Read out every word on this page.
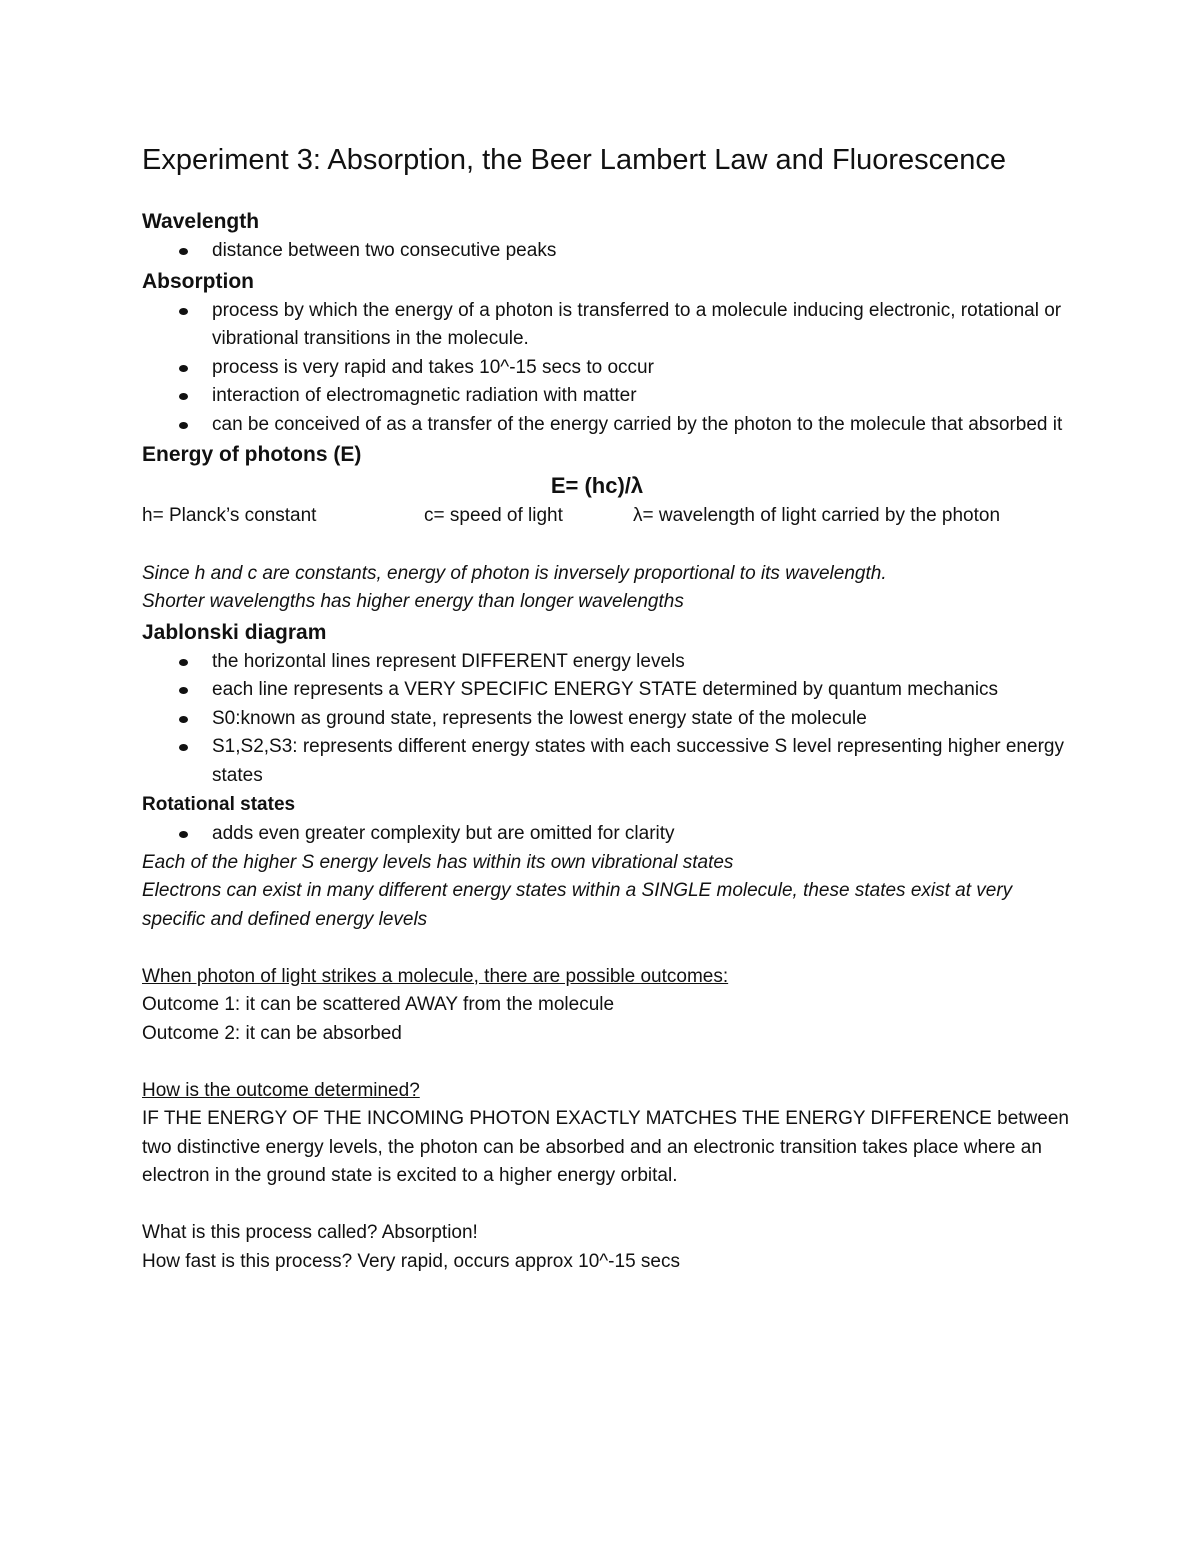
Experiment 3: Absorption, the Beer Lambert Law and Fluorescence

Wavelength

distance between two consecutive peaks

Absorption

process by which the energy of a photon is transferred to a molecule inducing electronic, rotational or vibrational transitions in the molecule.
process is very rapid and takes 10^-15 secs to occur
interaction of electromagnetic radiation with matter
can be conceived of as a transfer of the energy carried by the photon to the molecule that absorbed it

Energy of photons (E)

E= (hc)/λ

h= Planck’s constant	c= speed of light	λ= wavelength of light carried by the photon

Since h and c are constants, energy of photon is inversely proportional to its wavelength.

Shorter wavelengths has higher energy than longer wavelengths

Jablonski diagram

the horizontal lines represent DIFFERENT energy levels
each line represents a VERY SPECIFIC ENERGY STATE determined by quantum mechanics
S0:known as ground state, represents the lowest energy state of the molecule
S1,S2,S3: represents different energy states with each successive S level representing higher energy states

Rotational states

adds even greater complexity but are omitted for clarity

Each of the higher S energy levels has within its own vibrational states

Electrons can exist in many different energy states within a SINGLE molecule, these states exist at very specific and defined energy levels

When photon of light strikes a molecule, there are possible outcomes:

Outcome 1: it can be scattered AWAY from the molecule

Outcome 2: it can be absorbed

How is the outcome determined?

IF THE ENERGY OF THE INCOMING PHOTON EXACTLY MATCHES THE ENERGY DIFFERENCE between two distinctive energy levels, the photon can be absorbed and an electronic transition takes place where an electron in the ground state is excited to a higher energy orbital.

What is this process called? Absorption!

How fast is this process? Very rapid, occurs approx 10^-15 secs
